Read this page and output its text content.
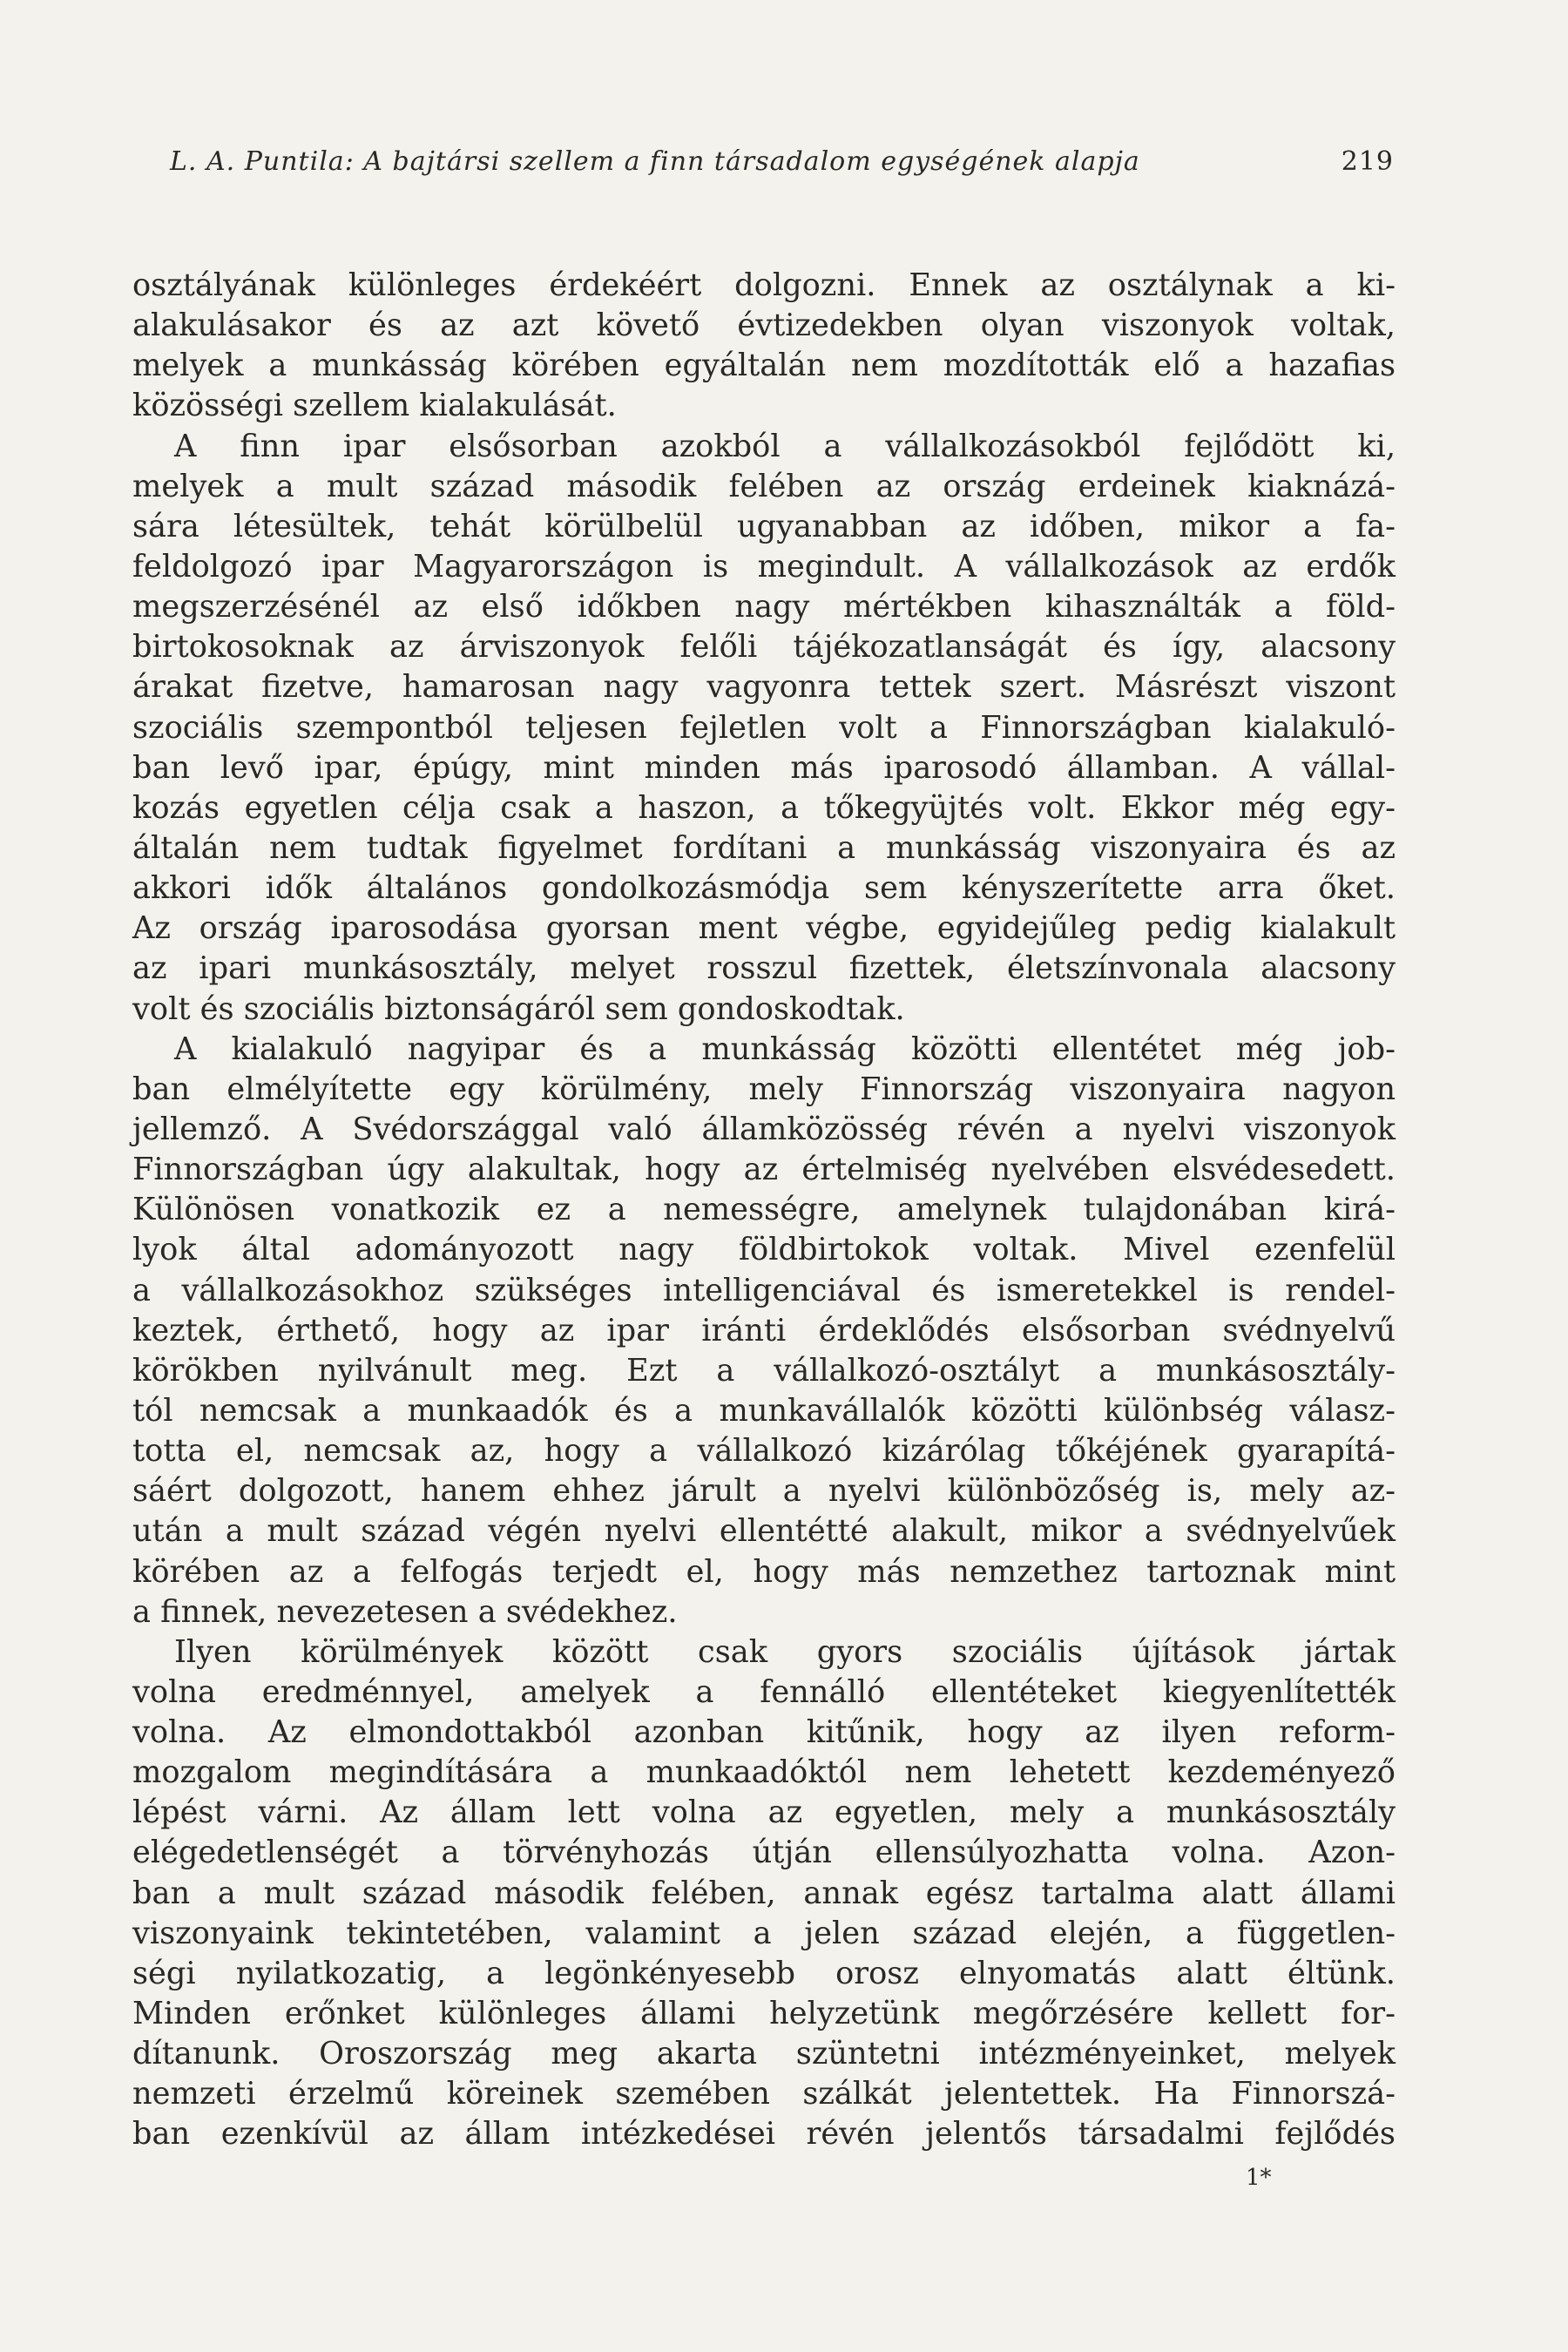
L. A. Puntila: A bajtársi szellem a finn társadalom egységének alapja	219
osztályának különleges érdekéért dolgozni. Ennek az osztálynak a ki-
alakulásakor és az azt követő évtizedekben olyan viszonyok voltak,
melyek a munkásság körében egyáltalán nem mozdították elő a hazafias
közösségi szellem kialakulását.
A finn ipar elsősorban azokból a vállalkozásokból fejlődött ki,
melyek a mult század második felében az ország erdeinek kiaknázá-
sára létesültek, tehát körülbelül ugyanabban az időben, mikor a fa-
feldolgozó ipar Magyarországon is megindult. A vállalkozások az erdők
megszerzésénél az első időkben nagy mértékben kihasználták a föld-
birtokosoknak az árviszonyok felőli tájékozatlanságát és így, alacsony
árakat fizetve, hamarosan nagy vagyonra tettek szert. Másrészt viszont
szociális szempontból teljesen fejletlen volt a Finnországban kialakuló-
ban levő ipar, épúgy, mint minden más iparosodó államban. A vállal-
kozás egyetlen célja csak a haszon, a tőkegyüjtés volt. Ekkor még egy-
általán nem tudtak figyelmet fordítani a munkásság viszonyaira és az
akkori idők általános gondolkozásmódja sem kényszerítette arra őket.
Az ország iparosodása gyorsan ment végbe, egyidejűleg pedig kialakult
az ipari munkásosztály, melyet rosszul fizettek, életszínvonala alacsony
volt és szociális biztonságáról sem gondoskodtak.
A kialakuló nagyipar és a munkásság közötti ellentétet még job-
ban elmélyítette egy körülmény, mely Finnország viszonyaira nagyon
jellemző. A Svédországgal való államközösség révén a nyelvi viszonyok
Finnországban úgy alakultak, hogy az értelmiség nyelvében elsvédesedett.
Különösen vonatkozik ez a nemességre, amelynek tulajdonában kirá-
lyok által adományozott nagy földbirtokok voltak. Mivel ezenfelül
a vállalkozásokhoz szükséges intelligenciával és ismeretekkel is rendel-
keztek, érthető, hogy az ipar iránti érdeklődés elsősorban svédnyelvű
körökben nyilvánult meg. Ezt a vállalkozó-osztályt a munkásosztály-
tól nemcsak a munkaadók és a munkavállalók közötti különbség válasz-
totta el, nemcsak az, hogy a vállalkozó kizárólag tőkéjének gyarapítá-
sáért dolgozott, hanem ehhez járult a nyelvi különbözőség is, mely az-
után a mult század végén nyelvi ellentétté alakult, mikor a svédnyelvűek
körében az a felfogás terjedt el, hogy más nemzethez tartoznak mint
a finnek, nevezetesen a svédekhez.
Ilyen körülmények között csak gyors szociális újítások jártak
volna eredménnyel, amelyek a fennálló ellentéteket kiegyenlítették
volna. Az elmondottakból azonban kitűnik, hogy az ilyen reform-
mozgalom megindítására a munkaadóktól nem lehetett kezdeményező
lépést várni. Az állam lett volna az egyetlen, mely a munkásosztály
elégedetlenségét a törvényhozás útján ellensúlyozhatta volna. Azon-
ban a mult század második felében, annak egész tartalma alatt állami
viszonyaink tekintetében, valamint a jelen század elején, a független-
ségi nyilatkozatig, a legönkényesebb orosz elnyomatás alatt éltünk.
Minden erőnket különleges állami helyzetünk megőrzésére kellett for-
dítanunk. Oroszország meg akarta szüntetni intézményeinket, melyek
nemzeti érzelmű köreinek szemében szálkát jelentettek. Ha Finnorszá-
ban ezenkívül az állam intézkedései révén jelentős társadalmi fejlődés
1*
